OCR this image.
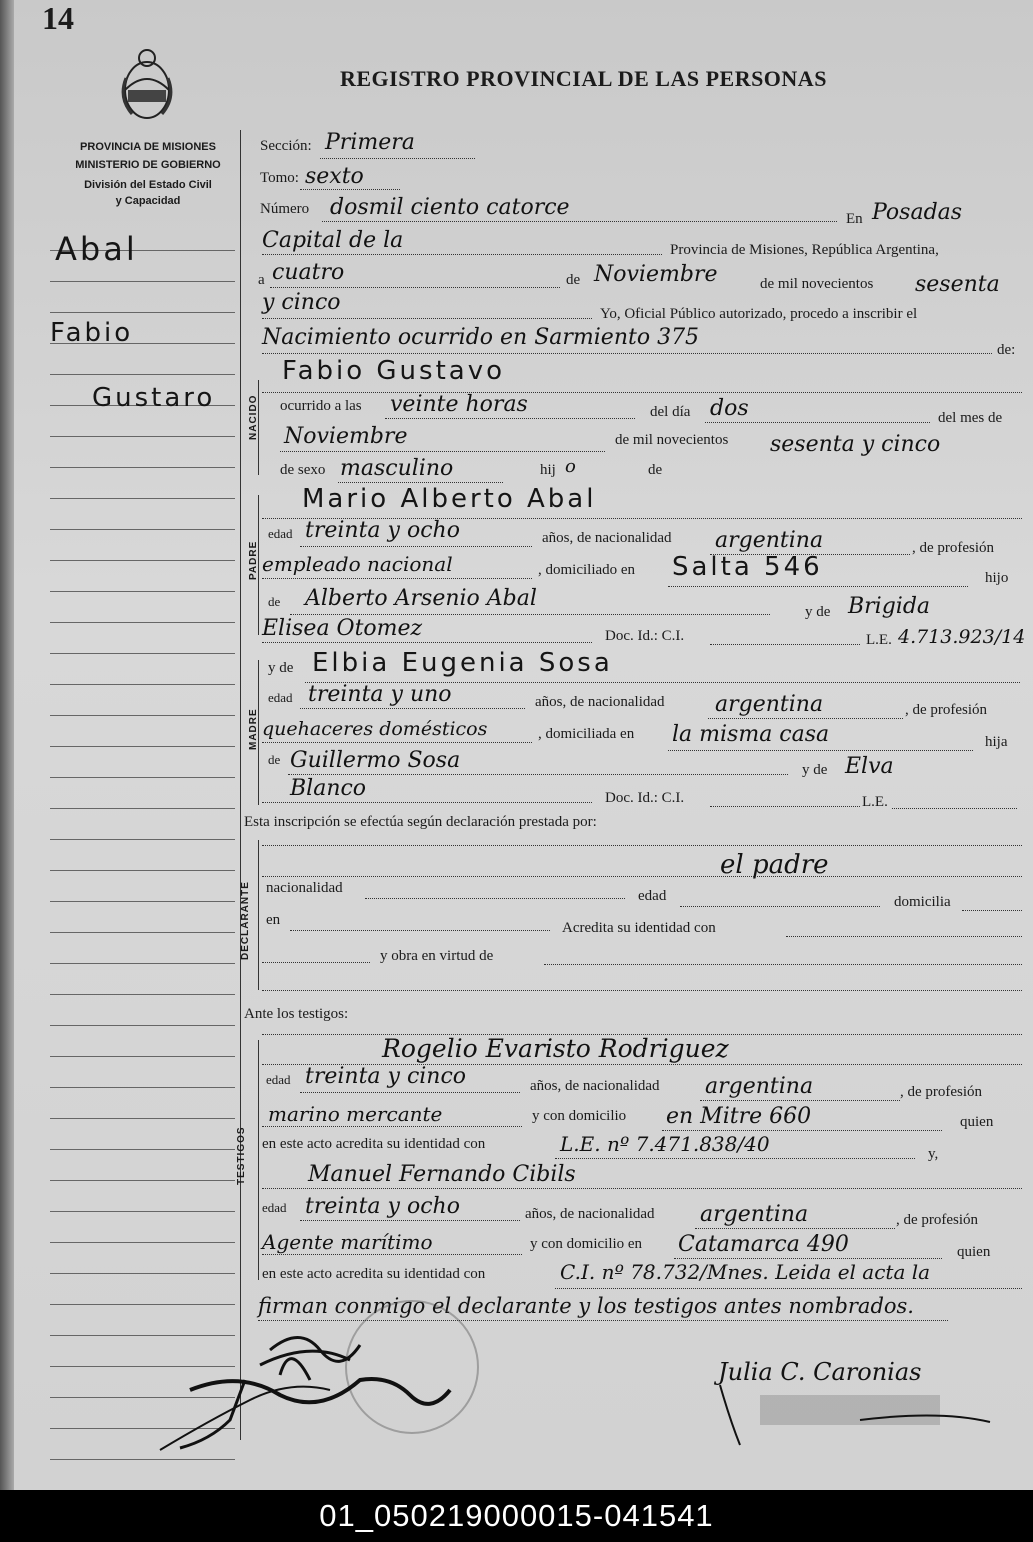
14
REGISTRO PROVINCIAL DE LAS PERSONAS
PROVINCIA DE MISIONES
MINISTERIO DE GOBIERNO
División del Estado Civil
y Capacidad
Abal
Fabio
Gustaro	NACIDO
PADRE
MADRE
DECLARANTE
TESTIGOS
Sección: Primera
Tomo: sexto
Número dosmil ciento catorce	En Posadas
Capital de la	Provincia de Misiones, República Argentina,
a cuatro	de Noviembre	de mil novecientos sesenta
y cinco	Yo, Oficial Público autorizado, procedo a inscribir el
Nacimiento ocurrido en Sarmiento 375	de:
Fabio Gustavo
ocurrido a las veinte horas	del día dos	del mes de
Noviembre	de mil novecientos sesenta y cinco
de sexo masculino	hij o	de
Mario Alberto Abal
edad treinta y ocho	años, de nacionalidad argentina	, de profesión
empleado nacional	, domiciliado en Salta 546	hijo
de Alberto Arsenio Abal
y de Brigida
Elisea Otomez	Doc. Id.: C.I.	L.E. 4.713.923/14
y de Elbia Eugenia Sosa
edad treinta y uno	años, de nacionalidad argentina	, de profesión
quehaceres domésticos	, domiciliada en la misma casa	hija
de Guillermo Sosa	y de Elva
Blanco	Doc. Id.: C.I.	L.E.
Esta inscripción se efectúa según declaración prestada por:
el padre
nacionalidad	edad	domicilia
en	Acredita su identidad con
y obra en virtud de
Ante los testigos:
Rogelio Evaristo Rodriguez
edad treinta y cinco	años, de nacionalidad argentina	, de profesión
marino mercante	y con domicilio en Mitre 660	quien
en este acto acredita su identidad con	L.E. nº 7.471.838/40	y,
Manuel Fernando Cibils
edad treinta y ocho	años, de nacionalidad argentina	, de profesión
Agente marítimo	y con domicilio en Catamarca 490	quien
en este acto acredita su identidad con	C.I. nº 78.732/Mnes. Leida el acta la
firman conmigo el declarante y los testigos antes nombrados.
Julia C. Caronias
01_050219000015-041541
